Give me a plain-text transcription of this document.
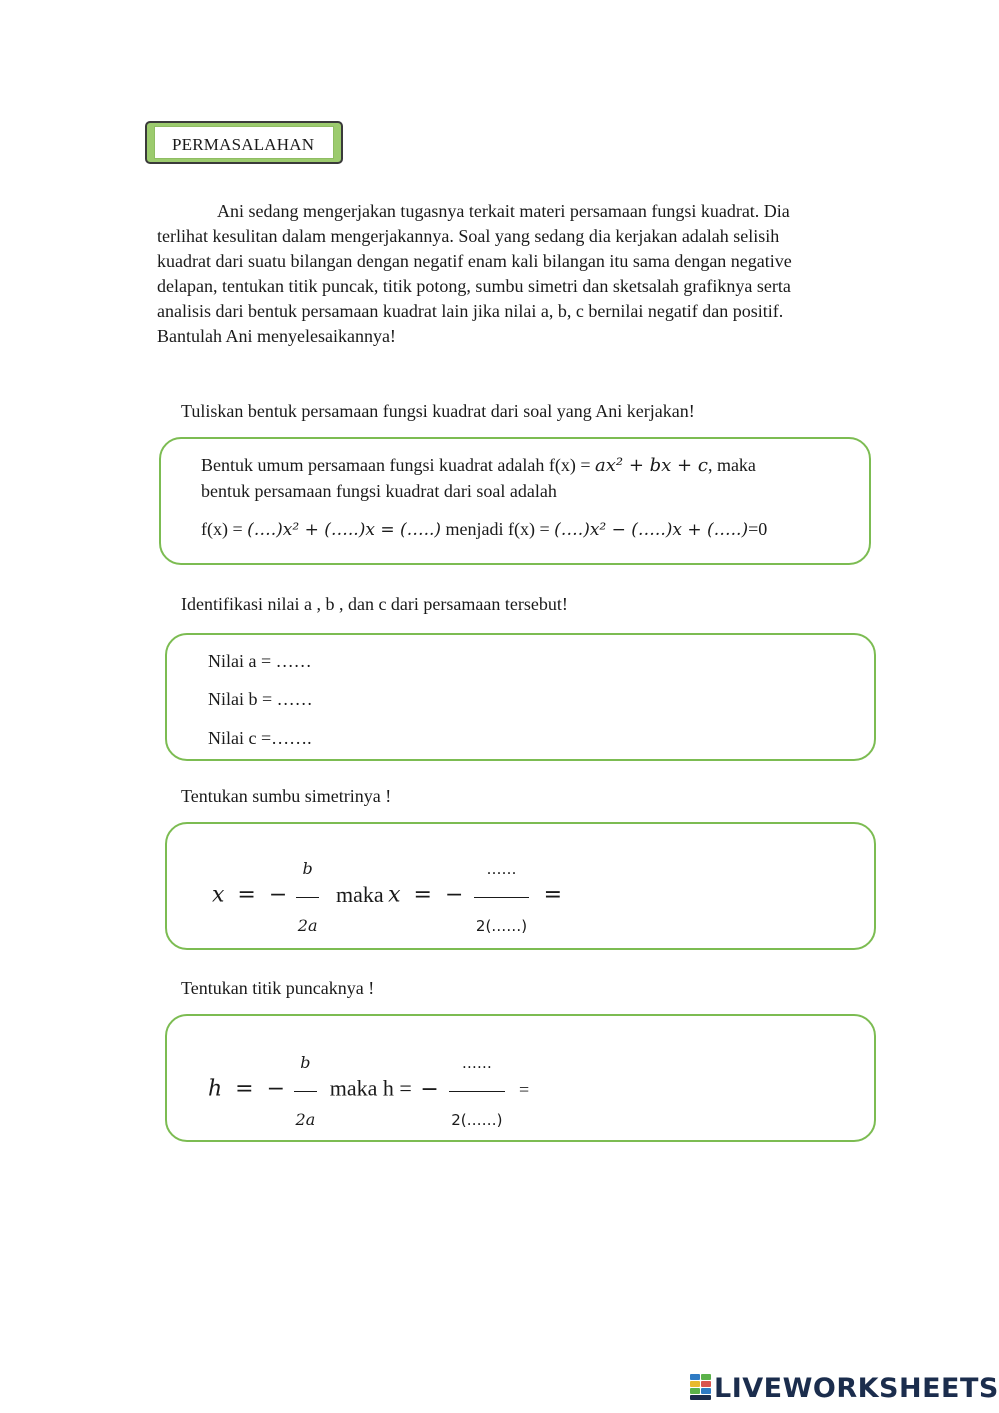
PERMASALAHAN
Ani sedang mengerjakan tugasnya terkait materi persamaan fungsi kuadrat. Dia
terlihat kesulitan dalam mengerjakannya. Soal yang sedang dia kerjakan adalah selisih
kuadrat dari suatu bilangan dengan negatif enam kali bilangan itu sama dengan negative
delapan, tentukan titik puncak, titik potong, sumbu simetri dan sketsalah grafiknya serta
analisis dari bentuk persamaan kuadrat lain jika nilai a, b, c bernilai negatif dan positif.
Bantulah Ani menyelesaikannya!
Tuliskan bentuk persamaan fungsi kuadrat dari soal yang Ani kerjakan!
Bentuk umum persamaan fungsi kuadrat adalah f(x) = ax² + bx + c, maka
bentuk persamaan fungsi kuadrat dari soal adalah
f(x) = (….)x² + (…..)x = (…..) menjadi f(x) = (….)x² − (…..)x + (…..)=0
Identifikasi nilai a , b , dan c dari persamaan tersebut!
Nilai a = ……
Nilai b = ……
Nilai c =…….
Tentukan sumbu simetrinya !
x = − $\frac{b}{2a}$ maka x = − $\frac{\dots\dots}{2(\dots\dots)}$ =
Tentukan titik puncaknya !
h = − $\frac{b}{2a}$ maka h = − $\frac{\dots\dots}{2(\dots\dots)}$ =
LIVEWORKSHEETS
